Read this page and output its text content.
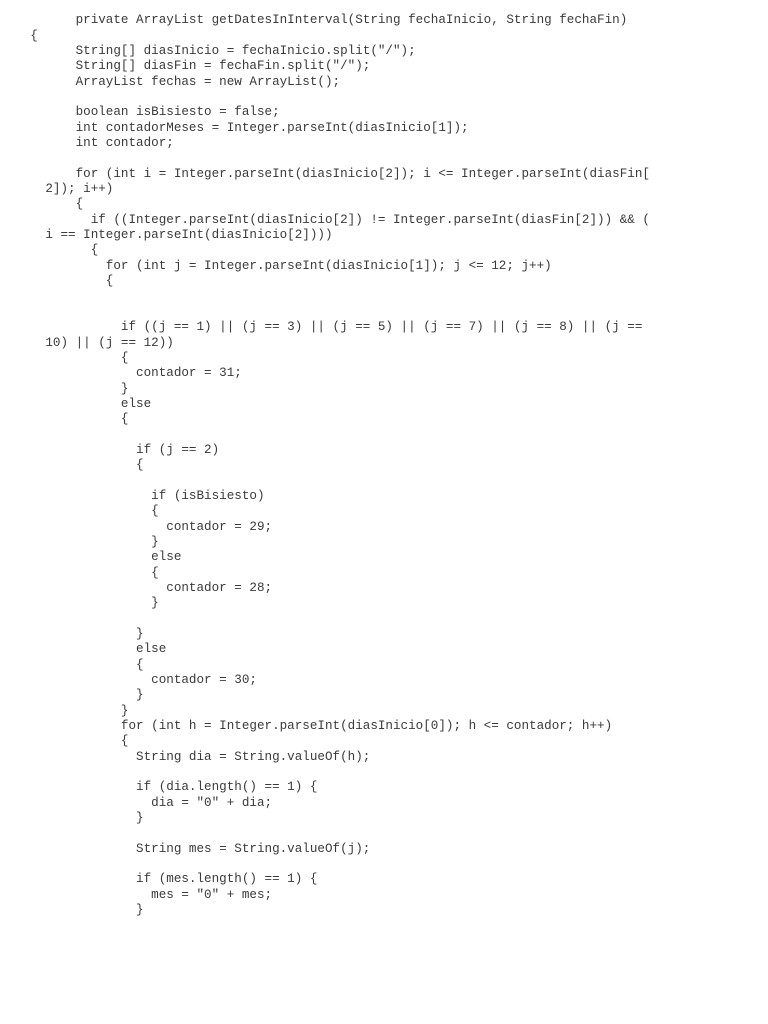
private ArrayList getDatesInInterval(String fechaInicio, String fechaFin)
{
String[] diasInicio = fechaInicio.split("/");
String[] diasFin = fechaFin.split("/");
ArrayList fechas = new ArrayList();
boolean isBisiesto = false;
int contadorMeses = Integer.parseInt(diasInicio[1]);
int contador;
for (int i = Integer.parseInt(diasInicio[2]); i <= Integer.parseInt(diasFin[
2]); i++)
{
if ((Integer.parseInt(diasInicio[2]) != Integer.parseInt(diasFin[2])) && (
i == Integer.parseInt(diasInicio[2])))
{
for (int j = Integer.parseInt(diasInicio[1]); j <= 12; j++)
{
if ((j == 1) || (j == 3) || (j == 5) || (j == 7) || (j == 8) || (j ==
10) || (j == 12))
{
contador = 31;
}
else
{
if (j == 2)
{
if (isBisiesto)
{
contador = 29;
}
else
{
contador = 28;
}
}
else
{
contador = 30;
}
}
for (int h = Integer.parseInt(diasInicio[0]); h <= contador; h++)
{
String dia = String.valueOf(h);
if (dia.length() == 1) {
dia = "0" + dia;
}
String mes = String.valueOf(j);
if (mes.length() == 1) {
mes = "0" + mes;
}
